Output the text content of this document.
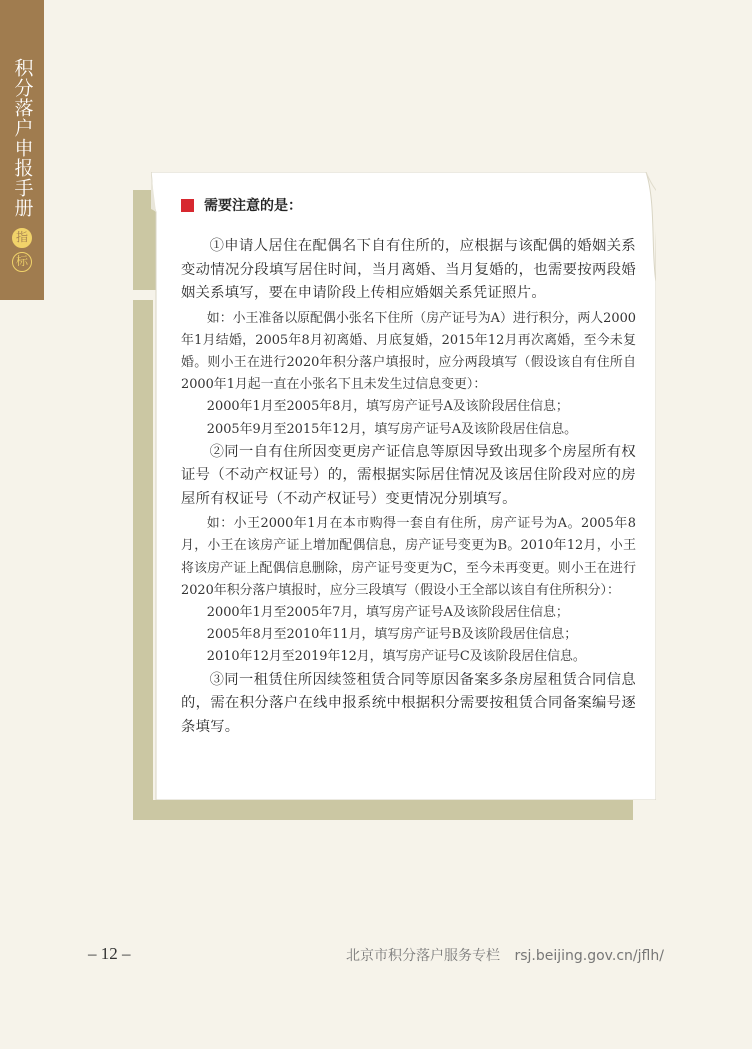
积分落户申报手册
指
标
需要注意的是：

①申请人居住在配偶名下自有住所的，应根据与该配偶的婚姻关系变动情况分段填写居住时间，当月离婚、当月复婚的，也需要按两段婚姻关系填写，要在申请阶段上传相应婚姻关系凭证照片。

如：小王准备以原配偶小张名下住所（房产证号为A）进行积分，两人2000年1月结婚，2005年8月初离婚、月底复婚，2015年12月再次离婚，至今未复婚。则小王在进行2020年积分落户填报时，应分两段填写（假设该自有住所自2000年1月起一直在小张名下且未发生过信息变更）：

2000年1月至2005年8月，填写房产证号A及该阶段居住信息；

2005年9月至2015年12月，填写房产证号A及该阶段居住信息。

②同一自有住所因变更房产证信息等原因导致出现多个房屋所有权证号（不动产权证号）的，需根据实际居住情况及该居住阶段对应的房屋所有权证号（不动产权证号）变更情况分别填写。

如：小王2000年1月在本市购得一套自有住所，房产证号为A。2005年8月，小王在该房产证上增加配偶信息，房产证号变更为B。2010年12月，小王将该房产证上配偶信息删除，房产证号变更为C，至今未再变更。则小王在进行2020年积分落户填报时，应分三段填写（假设小王全部以该自有住所积分）：

2000年1月至2005年7月，填写房产证号A及该阶段居住信息；

2005年8月至2010年11月，填写房产证号B及该阶段居住信息；

2010年12月至2019年12月，填写房产证号C及该阶段居住信息。

③同一租赁住所因续签租赁合同等原因备案多条房屋租赁合同信息的，需在积分落户在线申报系统中根据积分需要按租赁合同备案编号逐条填写。

– 12 –	北京市积分落户服务专栏 rsj.beijing.gov.cn/jflh/
